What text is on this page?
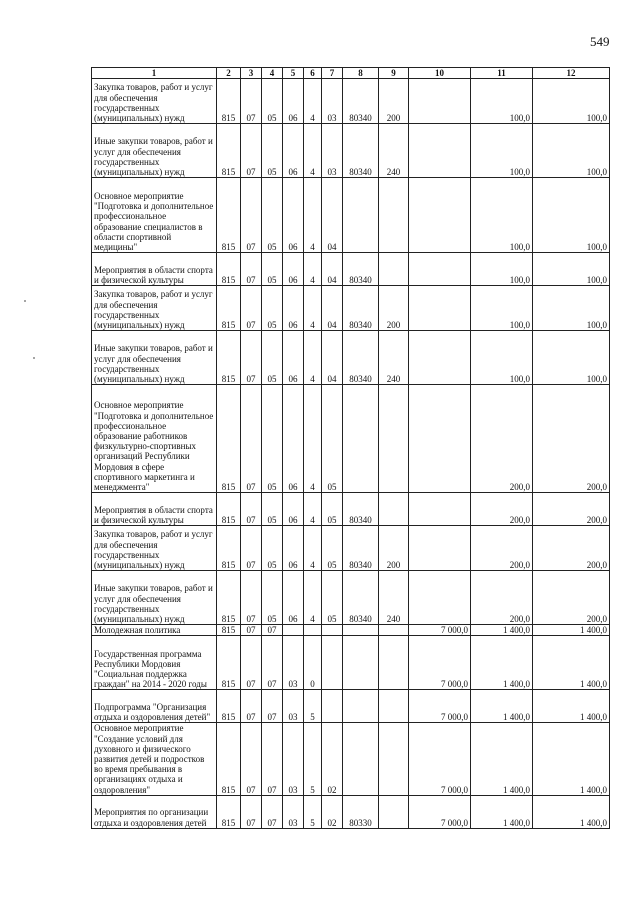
549
1	2	3	4	5	6	7	8	9	10	11	12
Закупка товаров, работ и услуг для обеспечения государственных (муниципальных) нужд	815	07	05	06	4	03	80340	200		100,0	100,0
Иные закупки товаров, работ и услуг для обеспечения государственных (муниципальных) нужд	815	07	05	06	4	03	80340	240		100,0	100,0
Основное мероприятие "Подготовка и дополнительное профессиональное образование специалистов в области спортивной медицины"	815	07	05	06	4	04				100,0	100,0
Мероприятия в области спорта и физической культуры	815	07	05	06	4	04	80340			100,0	100,0
Закупка товаров, работ и услуг для обеспечения государственных (муниципальных) нужд	815	07	05	06	4	04	80340	200		100,0	100,0
Иные закупки товаров, работ и услуг для обеспечения государственных (муниципальных) нужд	815	07	05	06	4	04	80340	240		100,0	100,0
Основное мероприятие "Подготовка и дополнительное профессиональное образование работников физкультурно-спортивных организаций Республики Мордовия в сфере спортивного маркетинга и менеджмента"	815	07	05	06	4	05				200,0	200,0
Мероприятия в области спорта и физической культуры	815	07	05	06	4	05	80340			200,0	200,0
Закупка товаров, работ и услуг для обеспечения государственных (муниципальных) нужд	815	07	05	06	4	05	80340	200		200,0	200,0
Иные закупки товаров, работ и услуг для обеспечения государственных (муниципальных) нужд	815	07	05	06	4	05	80340	240		200,0	200,0
Молодежная политика	815	07	07						7 000,0	1 400,0	1 400,0
Государственная программа Республики Мордовия "Социальная поддержка граждан" на 2014 - 2020 годы	815	07	07	03	0				7 000,0	1 400,0	1 400,0
Подпрограмма "Организация отдыха и оздоровления детей"	815	07	07	03	5				7 000,0	1 400,0	1 400,0
Основное мероприятие "Создание условий для духовного и физического развития детей и подростков во время пребывания в организациях отдыха и оздоровления"	815	07	07	03	5	02			7 000,0	1 400,0	1 400,0
Мероприятия по организации отдыха и оздоровления детей	815	07	07	03	5	02	80330		7 000,0	1 400,0	1 400,0
